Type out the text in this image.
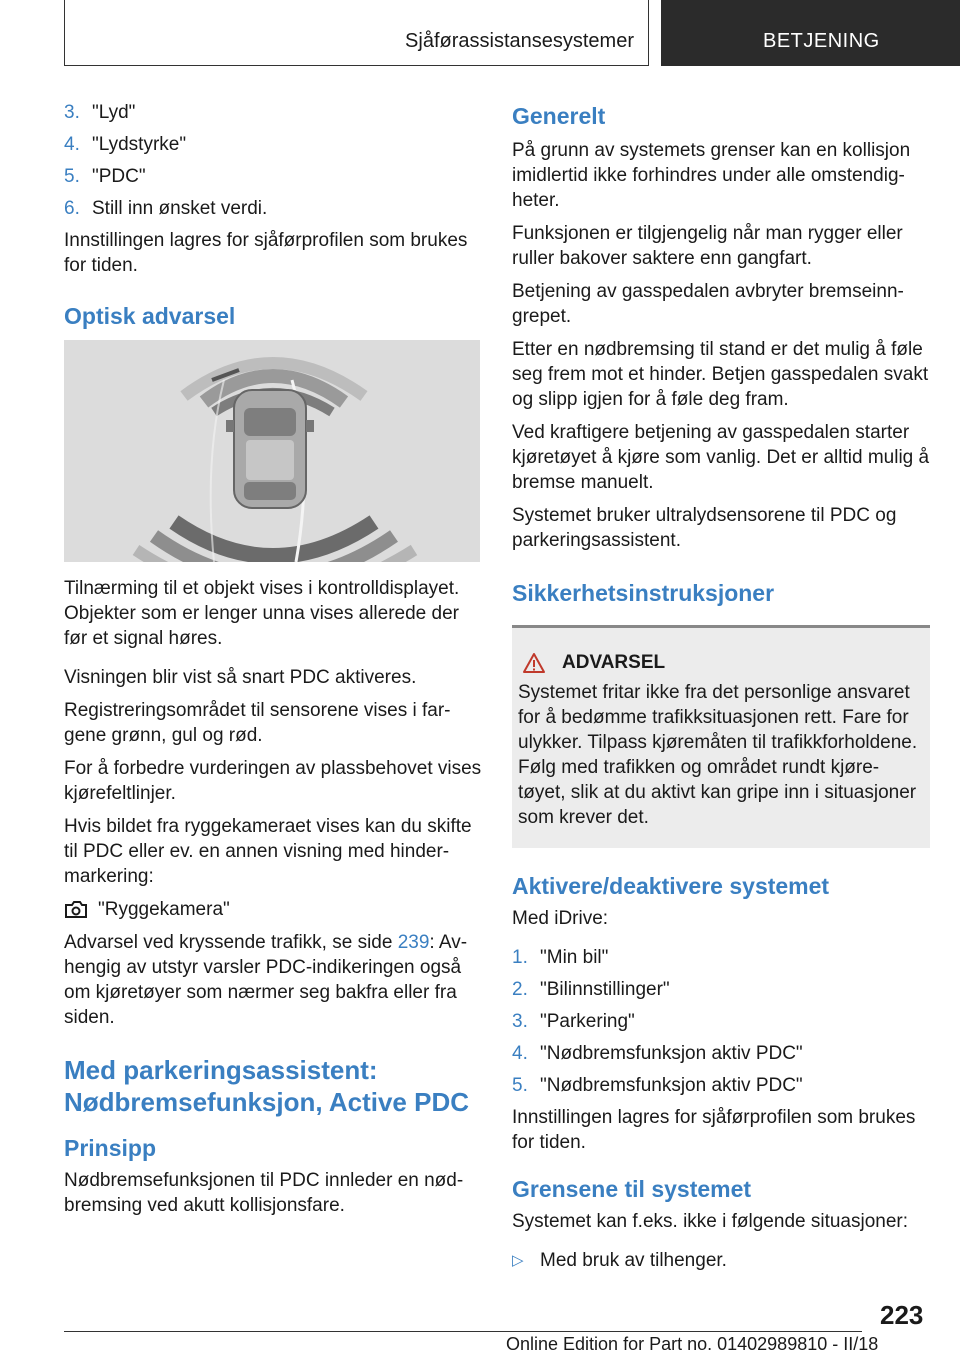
Sjåførassistansesystemer	BETJENING
3. "Lyd"
4. "Lydstyrke"
5. "PDC"
6. Still inn ønsket verdi.

Innstillingen lagres for sjåførprofilen som brukes for tiden.

Optisk advarsel

Tilnærming til et objekt vises i kontrolldisplayet. Objekter som er lenger unna vises allerede der før et signal høres.

Visningen blir vist så snart PDC aktiveres.

Registreringsområdet til sensorene vises i far-gene grønn, gul og rød.

For å forbedre vurderingen av plassbehovet vises kjørefeltlinjer.

Hvis bildet fra ryggekameraet vises kan du skifte til PDC eller ev. en annen visning med hinder-markering:

"Ryggekamera"

Advarsel ved kryssende trafikk, se side 239: Av-hengig av utstyr varsler PDC-indikeringen også om kjøretøyer som nærmer seg bakfra eller fra siden.

Med parkeringsassistent: Nødbremsefunksjon, Active PDC
Prinsipp

Nødbremsefunksjonen til PDC innleder en nød-bremsing ved akutt kollisjonsfare.

Generelt

På grunn av systemets grenser kan en kollisjon imidlertid ikke forhindres under alle omstendig-heter.

Funksjonen er tilgjengelig når man rygger eller ruller bakover saktere enn gangfart.

Betjening av gasspedalen avbryter bremseinn-grepet.

Etter en nødbremsing til stand er det mulig å føle seg frem mot et hinder. Betjen gasspedalen svakt og slipp igjen for å føle deg fram.

Ved kraftigere betjening av gasspedalen starter kjøretøyet å kjøre som vanlig. Det er alltid mulig å bremse manuelt.

Systemet bruker ultralydsensorene til PDC og parkeringsassistent.

Sikkerhetsinstruksjoner
ADVARSEL

Systemet fritar ikke fra det personlige ansvaret for å bedømme trafikksituasjonen rett. Fare for ulykker. Tilpass kjøremåten til trafikkforholdene. Følg med trafikken og området rundt kjøre-tøyet, slik at du aktivt kan gripe inn i situasjoner som krever det.

Aktivere/deaktivere systemet

Med iDrive:

1. "Min bil"
2. "Bilinnstillinger"
3. "Parkering"
4. "Nødbremsfunksjon aktiv PDC"
5. "Nødbremsfunksjon aktiv PDC"

Innstillingen lagres for sjåførprofilen som brukes for tiden.

Grensene til systemet

Systemet kan f.eks. ikke i følgende situasjoner:

▷ Med bruk av tilhenger.
223
Online Edition for Part no. 01402989810 - II/18
